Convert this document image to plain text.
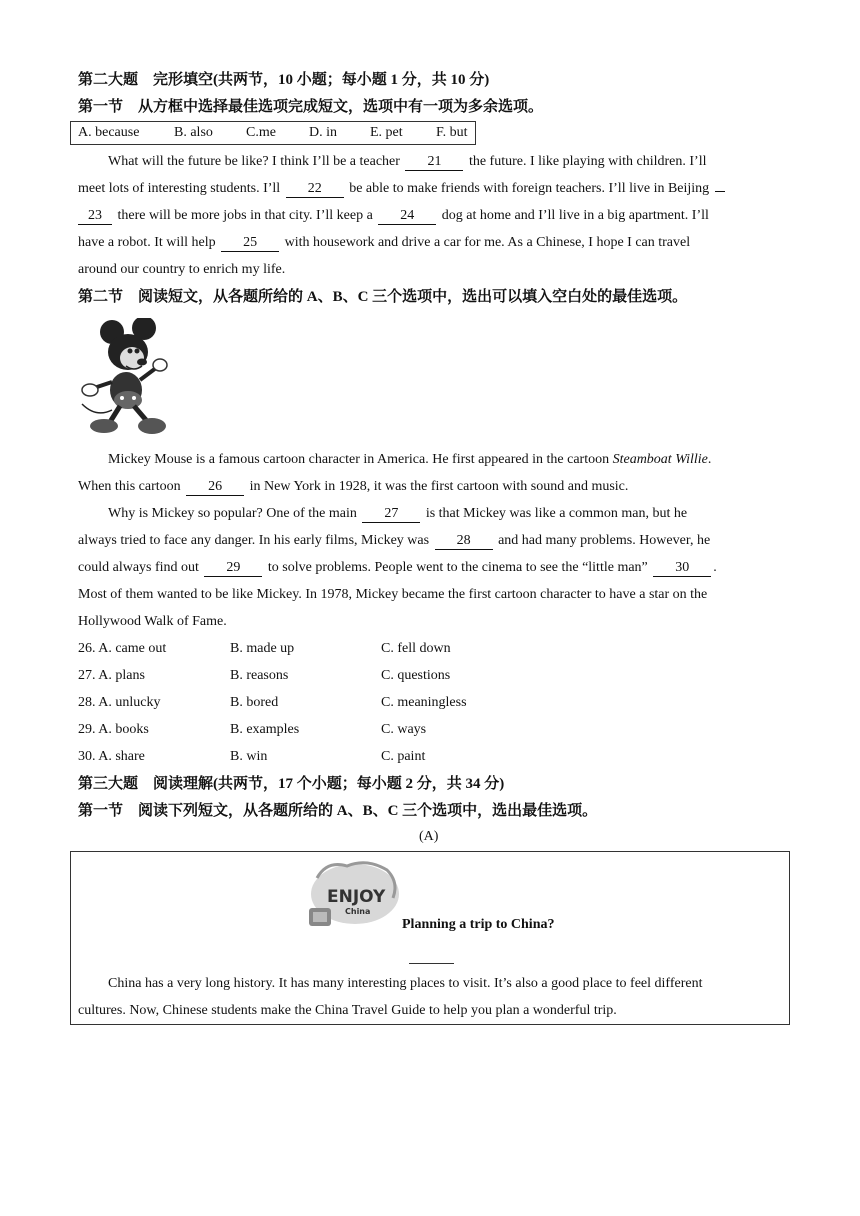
第二大题　完形填空(共两节，10 小题；每小题 1 分，共 10 分)
第一节　从方框中选择最佳选项完成短文，选项中有一项为多余选项。
A. because B. also C.me D. in E. pet F. but
What will the future be like? I think I’ll be a teacher 21 the future. I like playing with children. I’ll
meet lots of interesting students. I’ll 22 be able to make friends with foreign teachers. I’ll live in Beijing
23 there will be more jobs in that city. I’ll keep a 24 dog at home and I’ll live in a big apartment. I’ll
have a robot. It will help 25 with housework and drive a car for me. As a Chinese, I hope I can travel
around our country to enrich my life.
第二节　阅读短文，从各题所给的 A、B、C 三个选项中，选出可以填入空白处的最佳选项。
Mickey Mouse is a famous cartoon character in America. He first appeared in the cartoon Steamboat Willie.
When this cartoon 26 in New York in 1928, it was the first cartoon with sound and music.
Why is Mickey so popular? One of the main 27 is that Mickey was like a common man, but he
always tried to face any danger. In his early films, Mickey was 28 and had many problems. However, he
could always find out 29 to solve problems. People went to the cinema to see the “little man” 30 .
Most of them wanted to be like Mickey. In 1978, Mickey became the first cartoon character to have a star on the
Hollywood Walk of Fame.
26. A. came out	B. made up	C. fell down
27. A. plans	B. reasons	C. questions
28. A. unlucky	B. bored	C. meaningless
29. A. books	B. examples	C. ways
30. A. share	B. win	C. paint
第三大题　阅读理解(共两节，17 个小题；每小题 2 分，共 34 分)
第一节　阅读下列短文，从各题所给的 A、B、C 三个选项中，选出最佳选项。
(A)
ENJOY
China
Planning a trip to China?
China has a very long history. It has many interesting places to visit. It’s also a good place to feel different
cultures. Now, Chinese students make the China Travel Guide to help you plan a wonderful trip.
